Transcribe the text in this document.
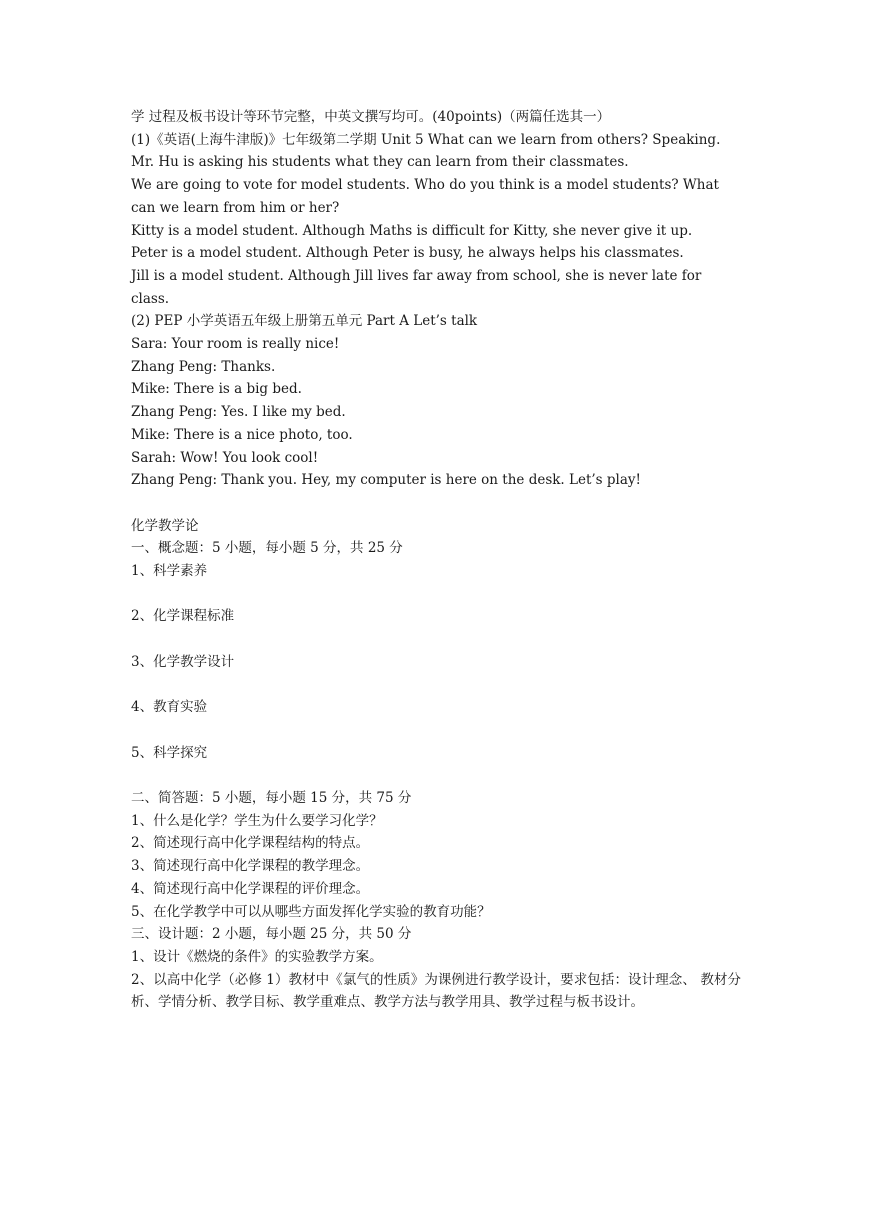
学 过程及板书设计等环节完整，中英文撰写均可。(40points)（两篇任选其一）
(1)《英语(上海牛津版)》七年级第二学期 Unit 5 What can we learn from others? Speaking.
Mr. Hu is asking his students what they can learn from their classmates.
We are going to vote for model students. Who do you think is a model students? What can we learn from him or her?
Kitty is a model student. Although Maths is difficult for Kitty, she never give it up.
Peter is a model student. Although Peter is busy, he always helps his classmates.
Jill is a model student. Although Jill lives far away from school, she is never late for class.
(2) PEP 小学英语五年级上册第五单元 Part A Let’s talk
Sara: Your room is really nice!
Zhang Peng: Thanks.
Mike: There is a big bed.
Zhang Peng: Yes. I like my bed.
Mike: There is a nice photo, too.
Sarah: Wow! You look cool!
Zhang Peng: Thank you. Hey, my computer is here on the desk. Let’s play!
化学教学论
一、概念题：5 小题，每小题 5 分，共 25 分
1、科学素养
2、化学课程标准
3、化学教学设计
4、教育实验
5、科学探究
二、简答题：5 小题，每小题 15 分，共 75 分
1、什么是化学？学生为什么要学习化学？
2、简述现行高中化学课程结构的特点。
3、简述现行高中化学课程的教学理念。
4、简述现行高中化学课程的评价理念。
5、在化学教学中可以从哪些方面发挥化学实验的教育功能？
三、设计题：2 小题，每小题 25 分，共 50 分
1、设计《燃烧的条件》的实验教学方案。
2、以高中化学（必修 1）教材中《氯气的性质》为课例进行教学设计，要求包括：设计理念、 教材分析、学情分析、教学目标、教学重难点、教学方法与教学用具、教学过程与板书设计。
